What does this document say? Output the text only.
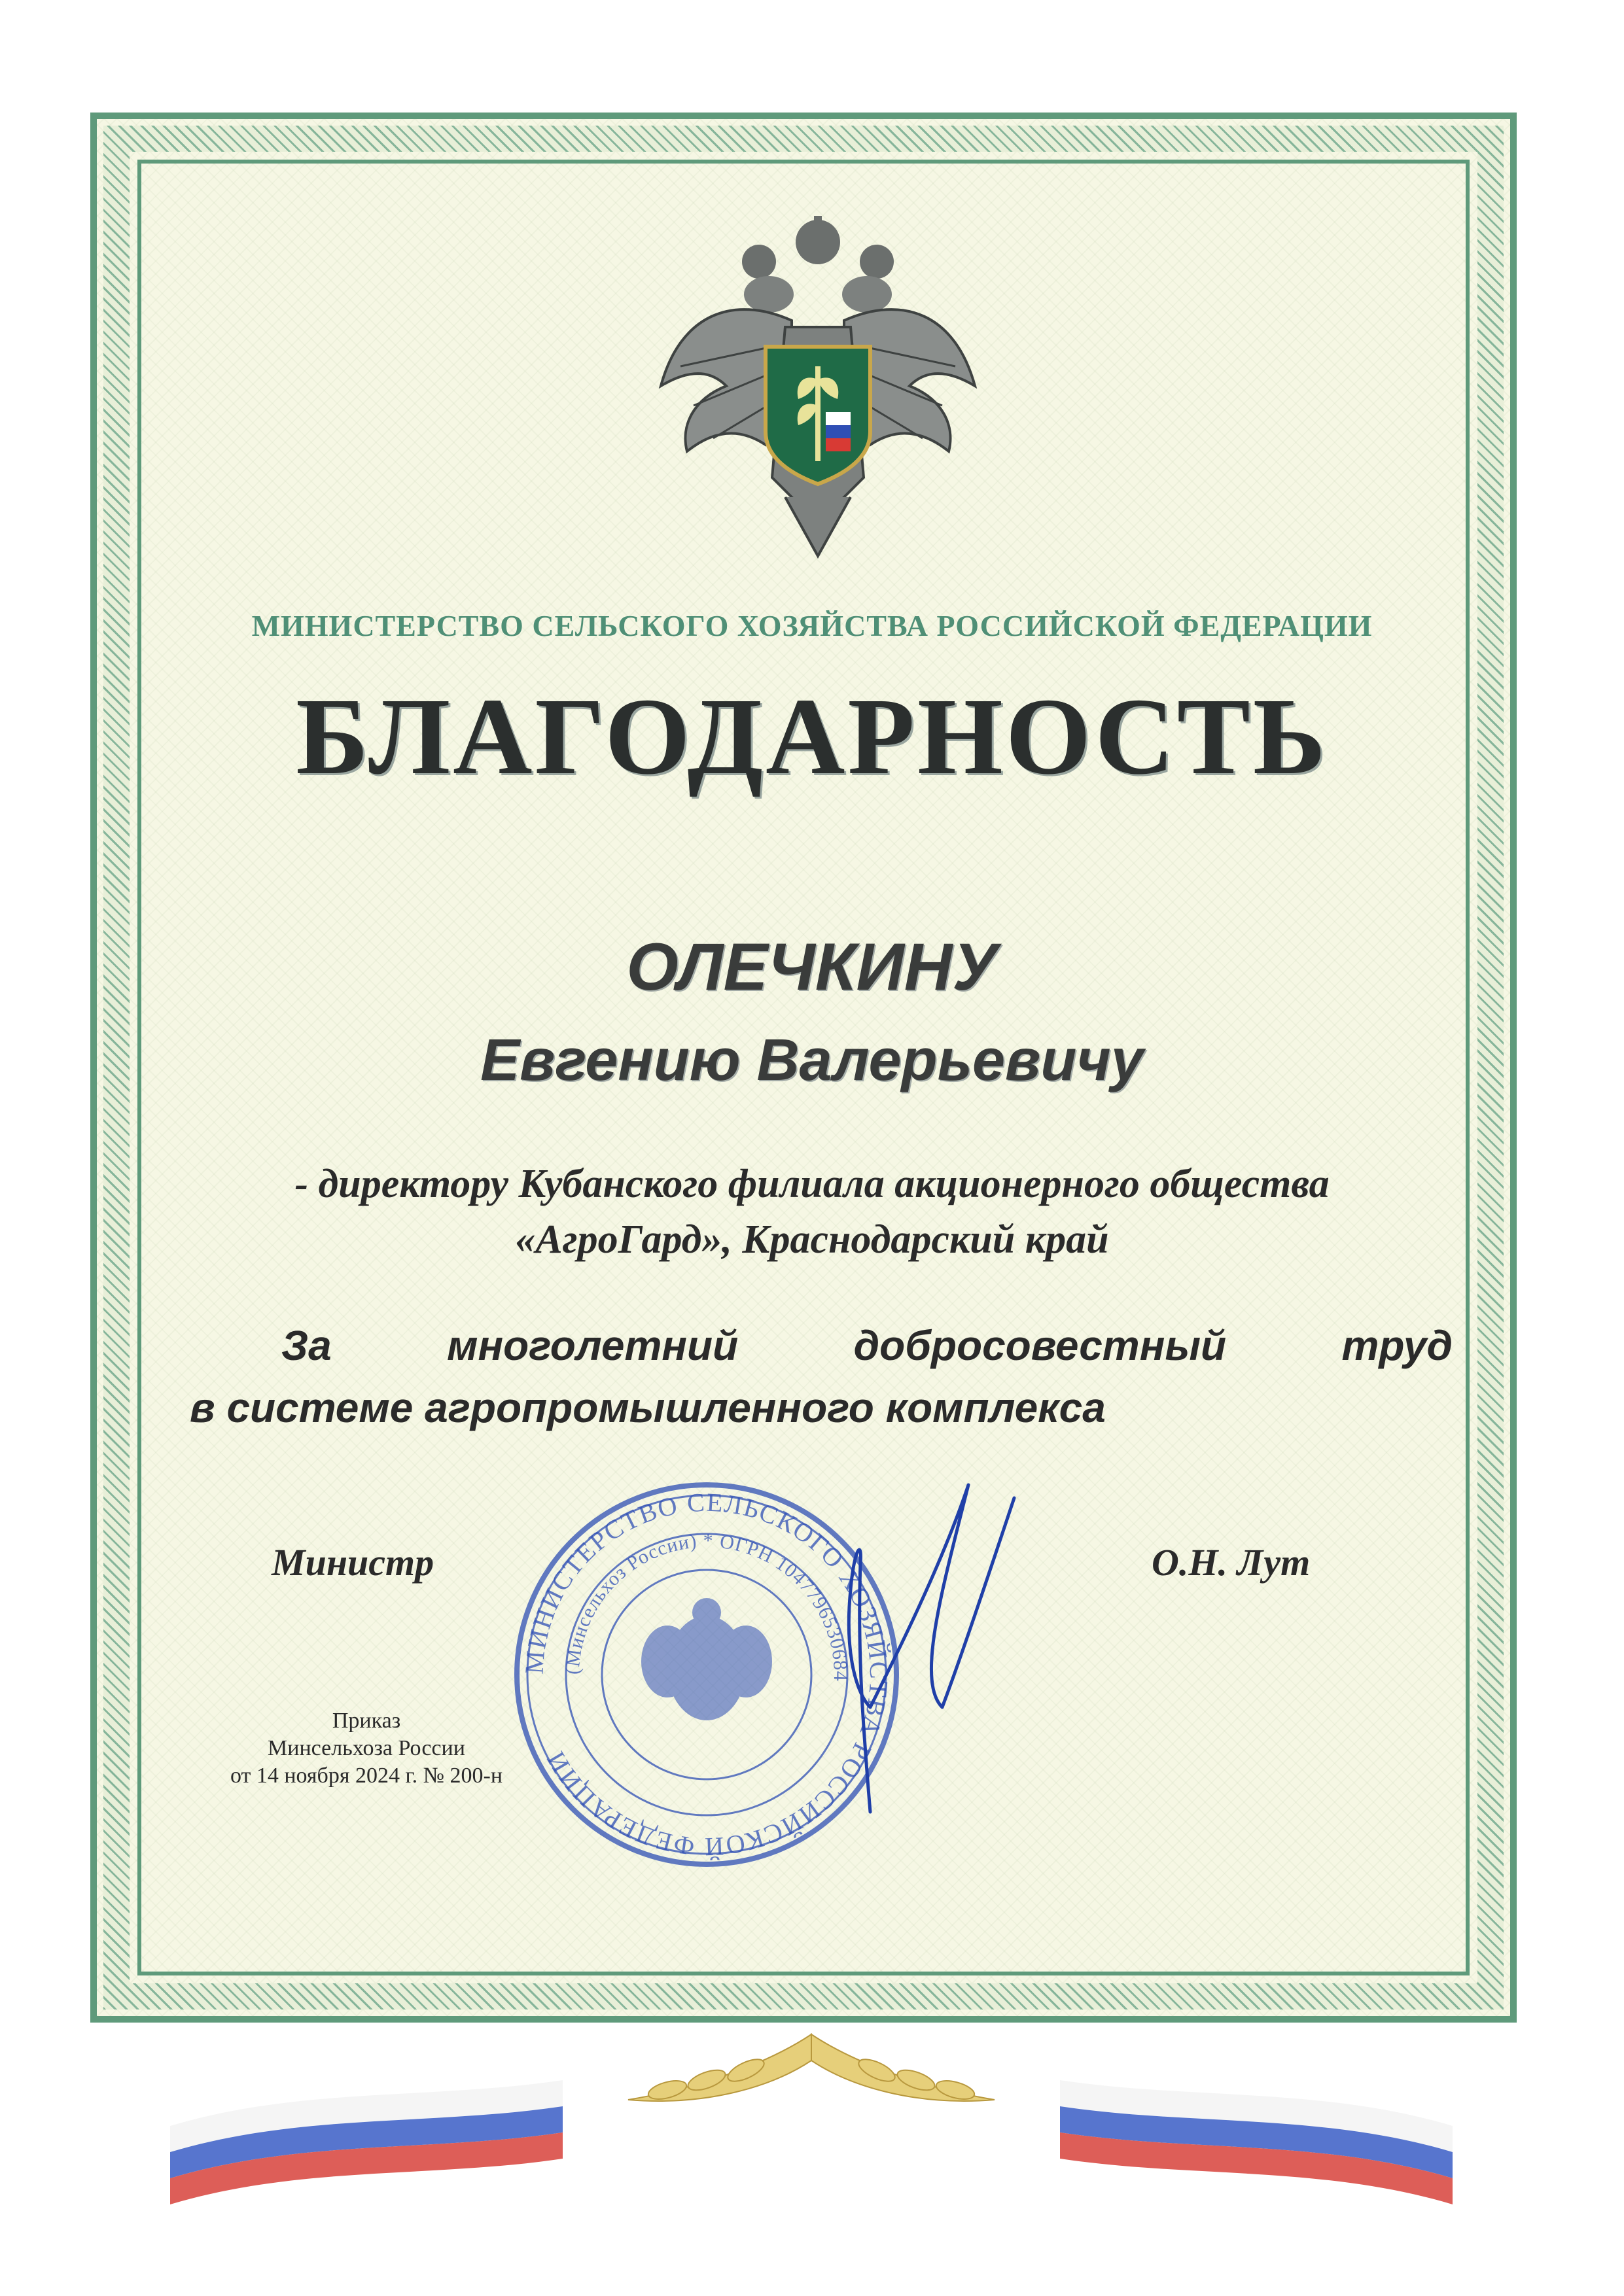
МИНИСТЕРСТВО СЕЛЬСКОГО ХОЗЯЙСТВА РОССИЙСКОЙ ФЕДЕРАЦИИ
БЛАГОДАРНОСТЬ
ОЛЕЧКИНУ
Евгению Валерьевичу
- директору Кубанского филиала акционерного общества
«АгроГард», Краснодарский край
За	многолетний	добросовестный	труд
в системе агропромышленного комплекса
Министр	О.Н. Лут
Приказ
Минсельхоза России
от 14 ноября 2024 г. № 200-н
МИНИСТЕРСТВО СЕЛЬСКОГО ХОЗЯЙСТВА РОССИЙСКОЙ ФЕДЕРАЦИИ
(Минсельхоз России) * ОГРН 1047796530684
